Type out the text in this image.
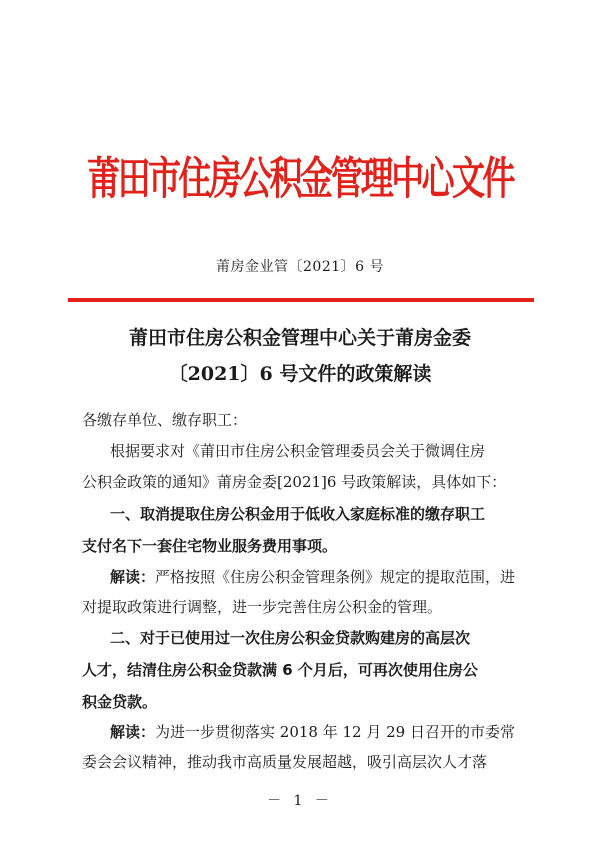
莆田市住房公积金管理中心文件
莆房金业管〔2021〕6 号
莆田市住房公积金管理中心关于莆房金委
〔2021〕6 号文件的政策解读
各缴存单位、缴存职工：
根据要求对《莆田市住房公积金管理委员会关于微调住房
公积金政策的通知》莆房金委[2021]6 号政策解读，具体如下：
一、取消提取住房公积金用于低收入家庭标准的缴存职工
支付名下一套住宅物业服务费用事项。
解读：严格按照《住房公积金管理条例》规定的提取范围，进
对提取政策进行调整，进一步完善住房公积金的管理。
二、对于已使用过一次住房公积金贷款购建房的高层次
人才，结清住房公积金贷款满 6 个月后，可再次使用住房公
积金贷款。
解读：为进一步贯彻落实 2018 年 12 月 29 日召开的市委常
委会会议精神，推动我市高质量发展超越，吸引高层次人才落
－ 1 －
